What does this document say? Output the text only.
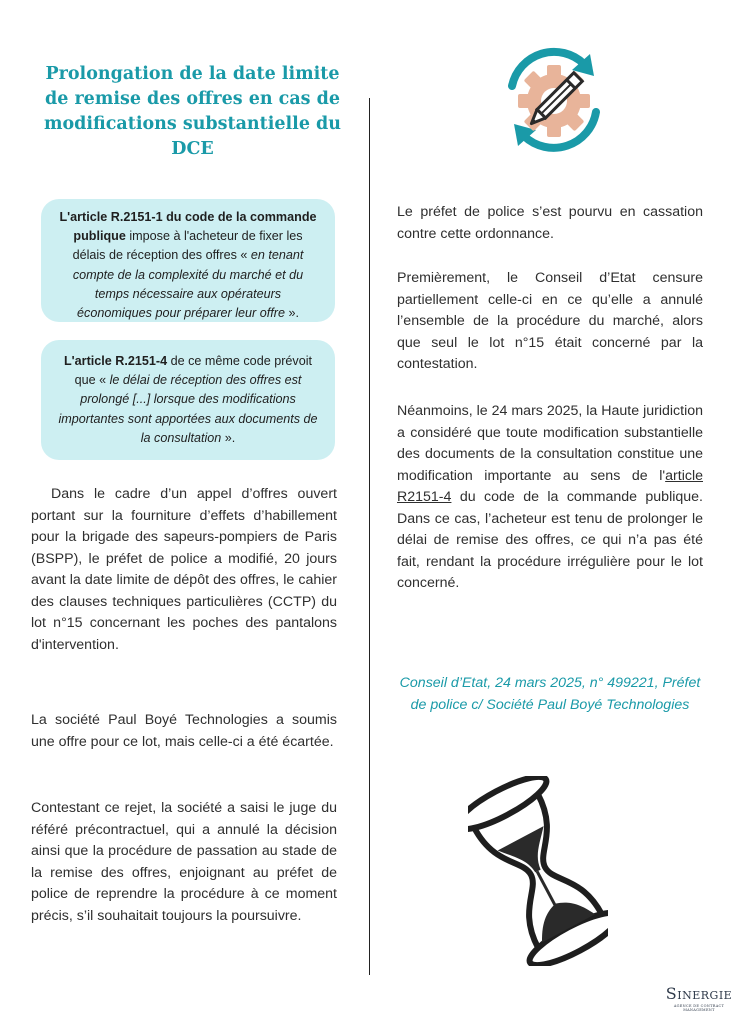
Prolongation de la date limite de remise des offres en cas de modifications substantielle du DCE
L'article R.2151-1 du code de la commande publique impose à l'acheteur de fixer les délais de réception des offres « en tenant compte de la complexité du marché et du temps nécessaire aux opérateurs économiques pour préparer leur offre ».
L'article R.2151-4 de ce même code prévoit que « le délai de réception des offres est prolongé [...] lorsque des modifications importantes sont apportées aux documents de la consultation ».

Dans le cadre d’un appel d’offres ouvert portant sur la fourniture d’effets d’habillement pour la brigade des sapeurs-pompiers de Paris (BSPP), le préfet de police a modifié, 20 jours avant la date limite de dépôt des offres, le cahier des clauses techniques particulières (CCTP) du lot n°15 concernant les poches des pantalons d'intervention.

La société Paul Boyé Technologies a soumis une offre pour ce lot, mais celle-ci a été écartée.

Contestant ce rejet, la société a saisi le juge du référé précontractuel, qui a annulé la décision ainsi que la procédure de passation au stade de la remise des offres, enjoignant au préfet de police de reprendre la procédure à ce moment précis, s’il souhaitait toujours la poursuivre.

Le préfet de police s’est pourvu en cassation contre cette ordonnance.

Premièrement, le Conseil d’Etat censure partiellement celle-ci en ce qu’elle a annulé l’ensemble de la procédure du marché, alors que seul le lot n°15 était concerné par la contestation.

Néanmoins, le 24 mars 2025, la Haute juridiction a considéré que toute modification substantielle des documents de la consultation constitue une modification importante au sens de l'article R2151-4 du code de la commande publique. Dans ce cas, l’acheteur est tenu de prolonger le délai de remise des offres, ce qui n’a pas été fait, rendant la procédure irrégulière pour le lot concerné.

Conseil d’Etat, 24 mars 2025, n° 499221, Préfet de police c/ Société Paul Boyé Technologies
SINERGIE
AGENCE DE CONTRACT MANAGEMENT
